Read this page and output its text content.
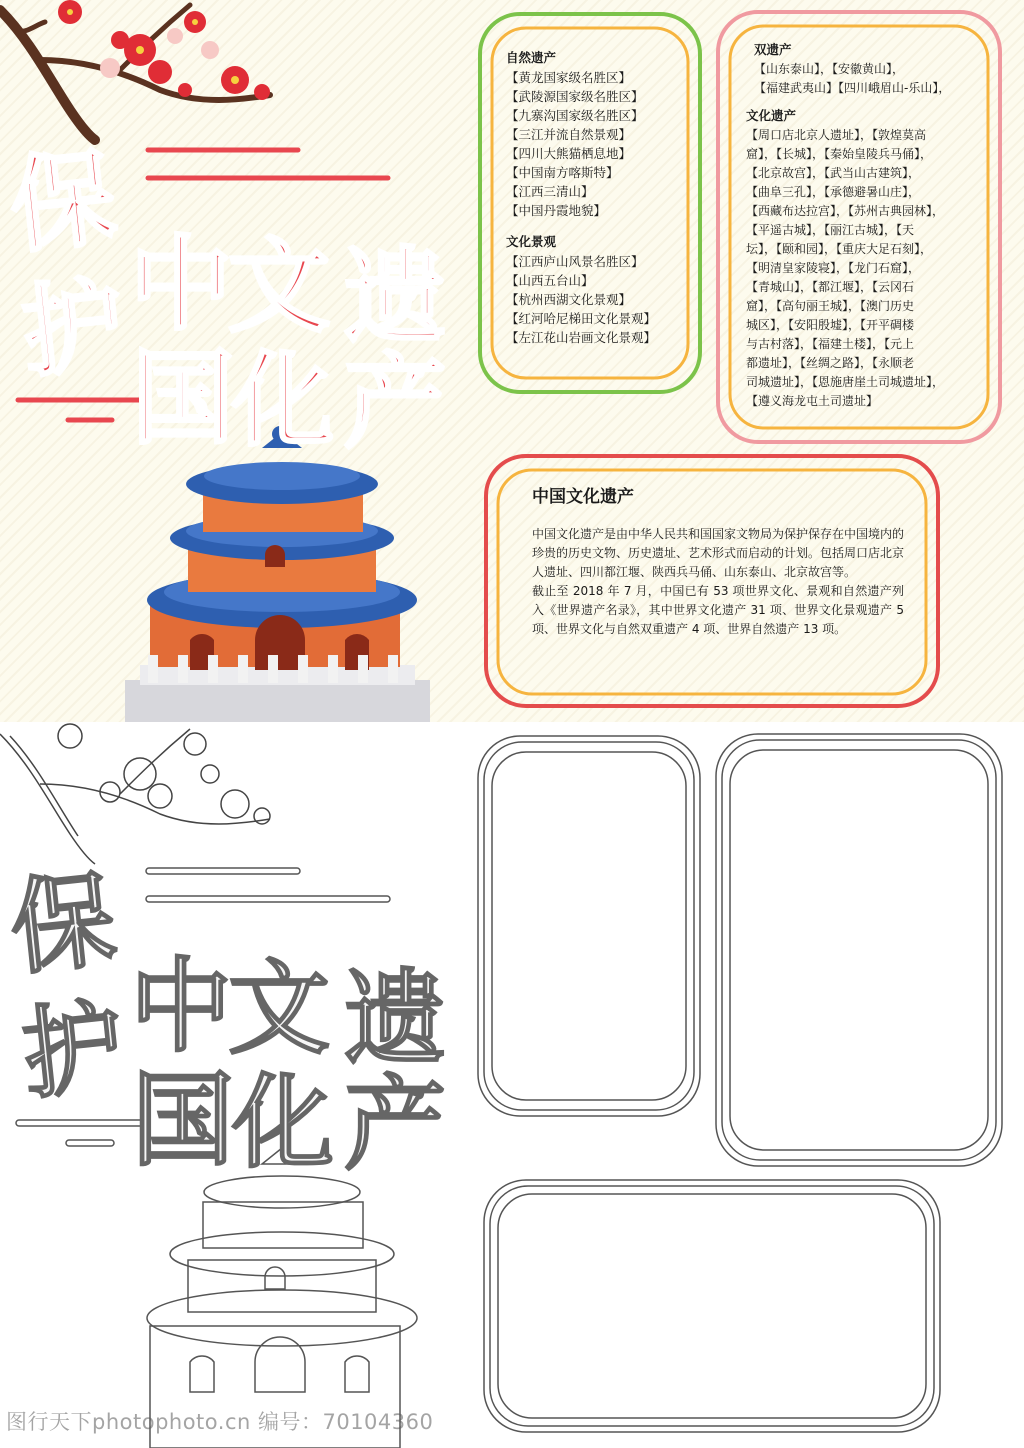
保
护 中
文 遗
国
化 产
自然遗产
【黄龙国家级名胜区】
【武陵源国家级名胜区】
【九寨沟国家级名胜区】
【三江并流自然景观】
【四川大熊猫栖息地】
【中国南方喀斯特】
【江西三清山】
【中国丹霞地貌】
文化景观
【江西庐山风景名胜区】
【山西五台山】
【杭州西湖文化景观】
【红河哈尼梯田文化景观】
【左江花山岩画文化景观】
双遗产
【山东泰山】，【安徽黄山】，
【福建武夷山】【四川峨眉山-乐山】，
文化遗产
【周口店北京人遗址】，【敦煌莫高
窟】，【长城】，【秦始皇陵兵马俑】，
【北京故宫】，【武当山古建筑】，
【曲阜三孔】，【承德避暑山庄】，
【西藏布达拉宫】，【苏州古典园林】，
【平遥古城】，【丽江古城】，【天
坛】，【颐和园】，【重庆大足石刻】，
【明清皇家陵寝】，【龙门石窟】，
【青城山】，【都江堰】，【云冈石
窟】，【高句丽王城】，【澳门历史
城区】，【安阳殷墟】，【开平碉楼
与古村落】，【福建土楼】，【元上
都遗址】，【丝绸之路】，【永顺老
司城遗址】，【恩施唐崖土司城遗址】，
【遵义海龙屯土司遗址】
中国文化遗产
中国文化遗产是由中华人民共和国国家文物局为保护保存在中国境内的珍贵的历史文物、历史遗址、艺术形式而启动的计划。包括周口店北京人遗址、四川都江堰、陕西兵马俑、山东泰山、北京故宫等。
截止至 2018 年 7 月，中国已有 53 项世界文化、景观和自然遗产列入《世界遗产名录》，其中世界文化遗产 31 项、世界文化景观遗产 5 项、世界文化与自然双重遗产 4 项、世界自然遗产 13 项。
保
护 中
文 遗
国
化 产
图行天下photophoto.cn 编号：70104360
